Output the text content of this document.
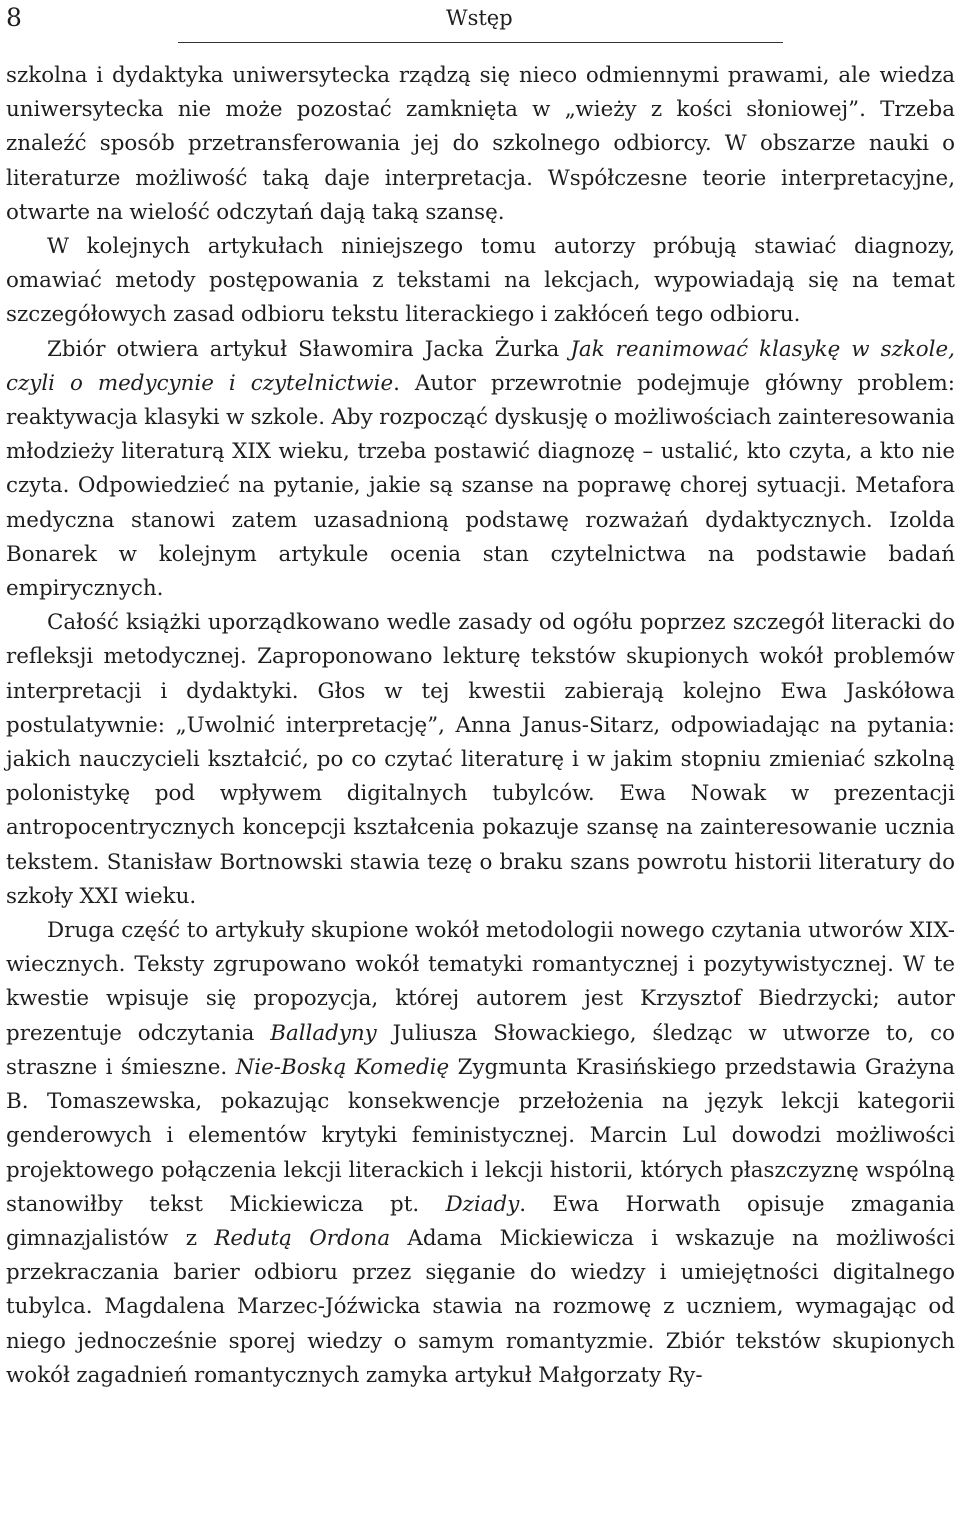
8	Wstęp

szkolna i dydaktyka uniwersytecka rządzą się nieco odmiennymi prawami, ale wiedza uniwersytecka nie może pozostać zamknięta w „wieży z kości słoniowej”. Trzeba znaleźć sposób przetransferowania jej do szkolnego odbiorcy. W obszarze nauki o literaturze możliwość taką daje interpretacja. Współczesne teorie interpretacyjne, otwarte na wielość odczytań dają taką szansę.

W kolejnych artykułach niniejszego tomu autorzy próbują stawiać diagnozy, omawiać metody postępowania z tekstami na lekcjach, wypowiadają się na temat szczegółowych zasad odbioru tekstu literackiego i zakłóceń tego odbioru.

Zbiór otwiera artykuł Sławomira Jacka Żurka Jak reanimować klasykę w szkole, czyli o medycynie i czytelnictwie. Autor przewrotnie podejmuje główny problem: reaktywacja klasyki w szkole. Aby rozpocząć dyskusję o możliwościach zainteresowania młodzieży literaturą XIX wieku, trzeba postawić diagnozę – ustalić, kto czyta, a kto nie czyta. Odpowiedzieć na pytanie, jakie są szanse na poprawę chorej sytuacji. Metafora medyczna stanowi zatem uzasadnioną podstawę rozważań dydaktycznych. Izolda Bonarek w kolejnym artykule ocenia stan czytelnictwa na podstawie badań empirycznych.

Całość książki uporządkowano wedle zasady od ogółu poprzez szczegół literacki do refleksji metodycznej. Zaproponowano lekturę tekstów skupionych wokół problemów interpretacji i dydaktyki. Głos w tej kwestii zabierają kolejno Ewa Jaskółowa postulatywnie: „Uwolnić interpretację”, Anna Janus-Sitarz, odpowiadając na pytania: jakich nauczycieli kształcić, po co czytać literaturę i w jakim stopniu zmieniać szkolną polonistykę pod wpływem digitalnych tubylców. Ewa Nowak w prezentacji antropocentrycznych koncepcji kształcenia pokazuje szansę na zainteresowanie ucznia tekstem. Stanisław Bortnowski stawia tezę o braku szans powrotu historii literatury do szkoły XXI wieku.

Druga część to artykuły skupione wokół metodologii nowego czytania utworów XIX-wiecznych. Teksty zgrupowano wokół tematyki romantycznej i pozytywistycznej. W te kwestie wpisuje się propozycja, której autorem jest Krzysztof Biedrzycki; autor prezentuje odczytania Balladyny Juliusza Słowackiego, śledząc w utworze to, co straszne i śmieszne. Nie-Boską Komedię Zygmunta Krasińskiego przedstawia Grażyna B. Tomaszewska, pokazując konsekwencje przełożenia na język lekcji kategorii genderowych i elementów krytyki feministycznej. Marcin Lul dowodzi możliwości projektowego połączenia lekcji literackich i lekcji historii, których płaszczyznę wspólną stanowiłby tekst Mickiewicza pt. Dziady. Ewa Horwath opisuje zmagania gimnazjalistów z Redutą Ordona Adama Mickiewicza i wskazuje na możliwości przekraczania barier odbioru przez sięganie do wiedzy i umiejętności digitalnego tubylca. Magdalena Marzec-Jóźwicka stawia na rozmowę z uczniem, wymagając od niego jednocześnie sporej wiedzy o samym romantyzmie. Zbiór tekstów skupionych wokół zagadnień romantycznych zamyka artykuł Małgorzaty Ry-
